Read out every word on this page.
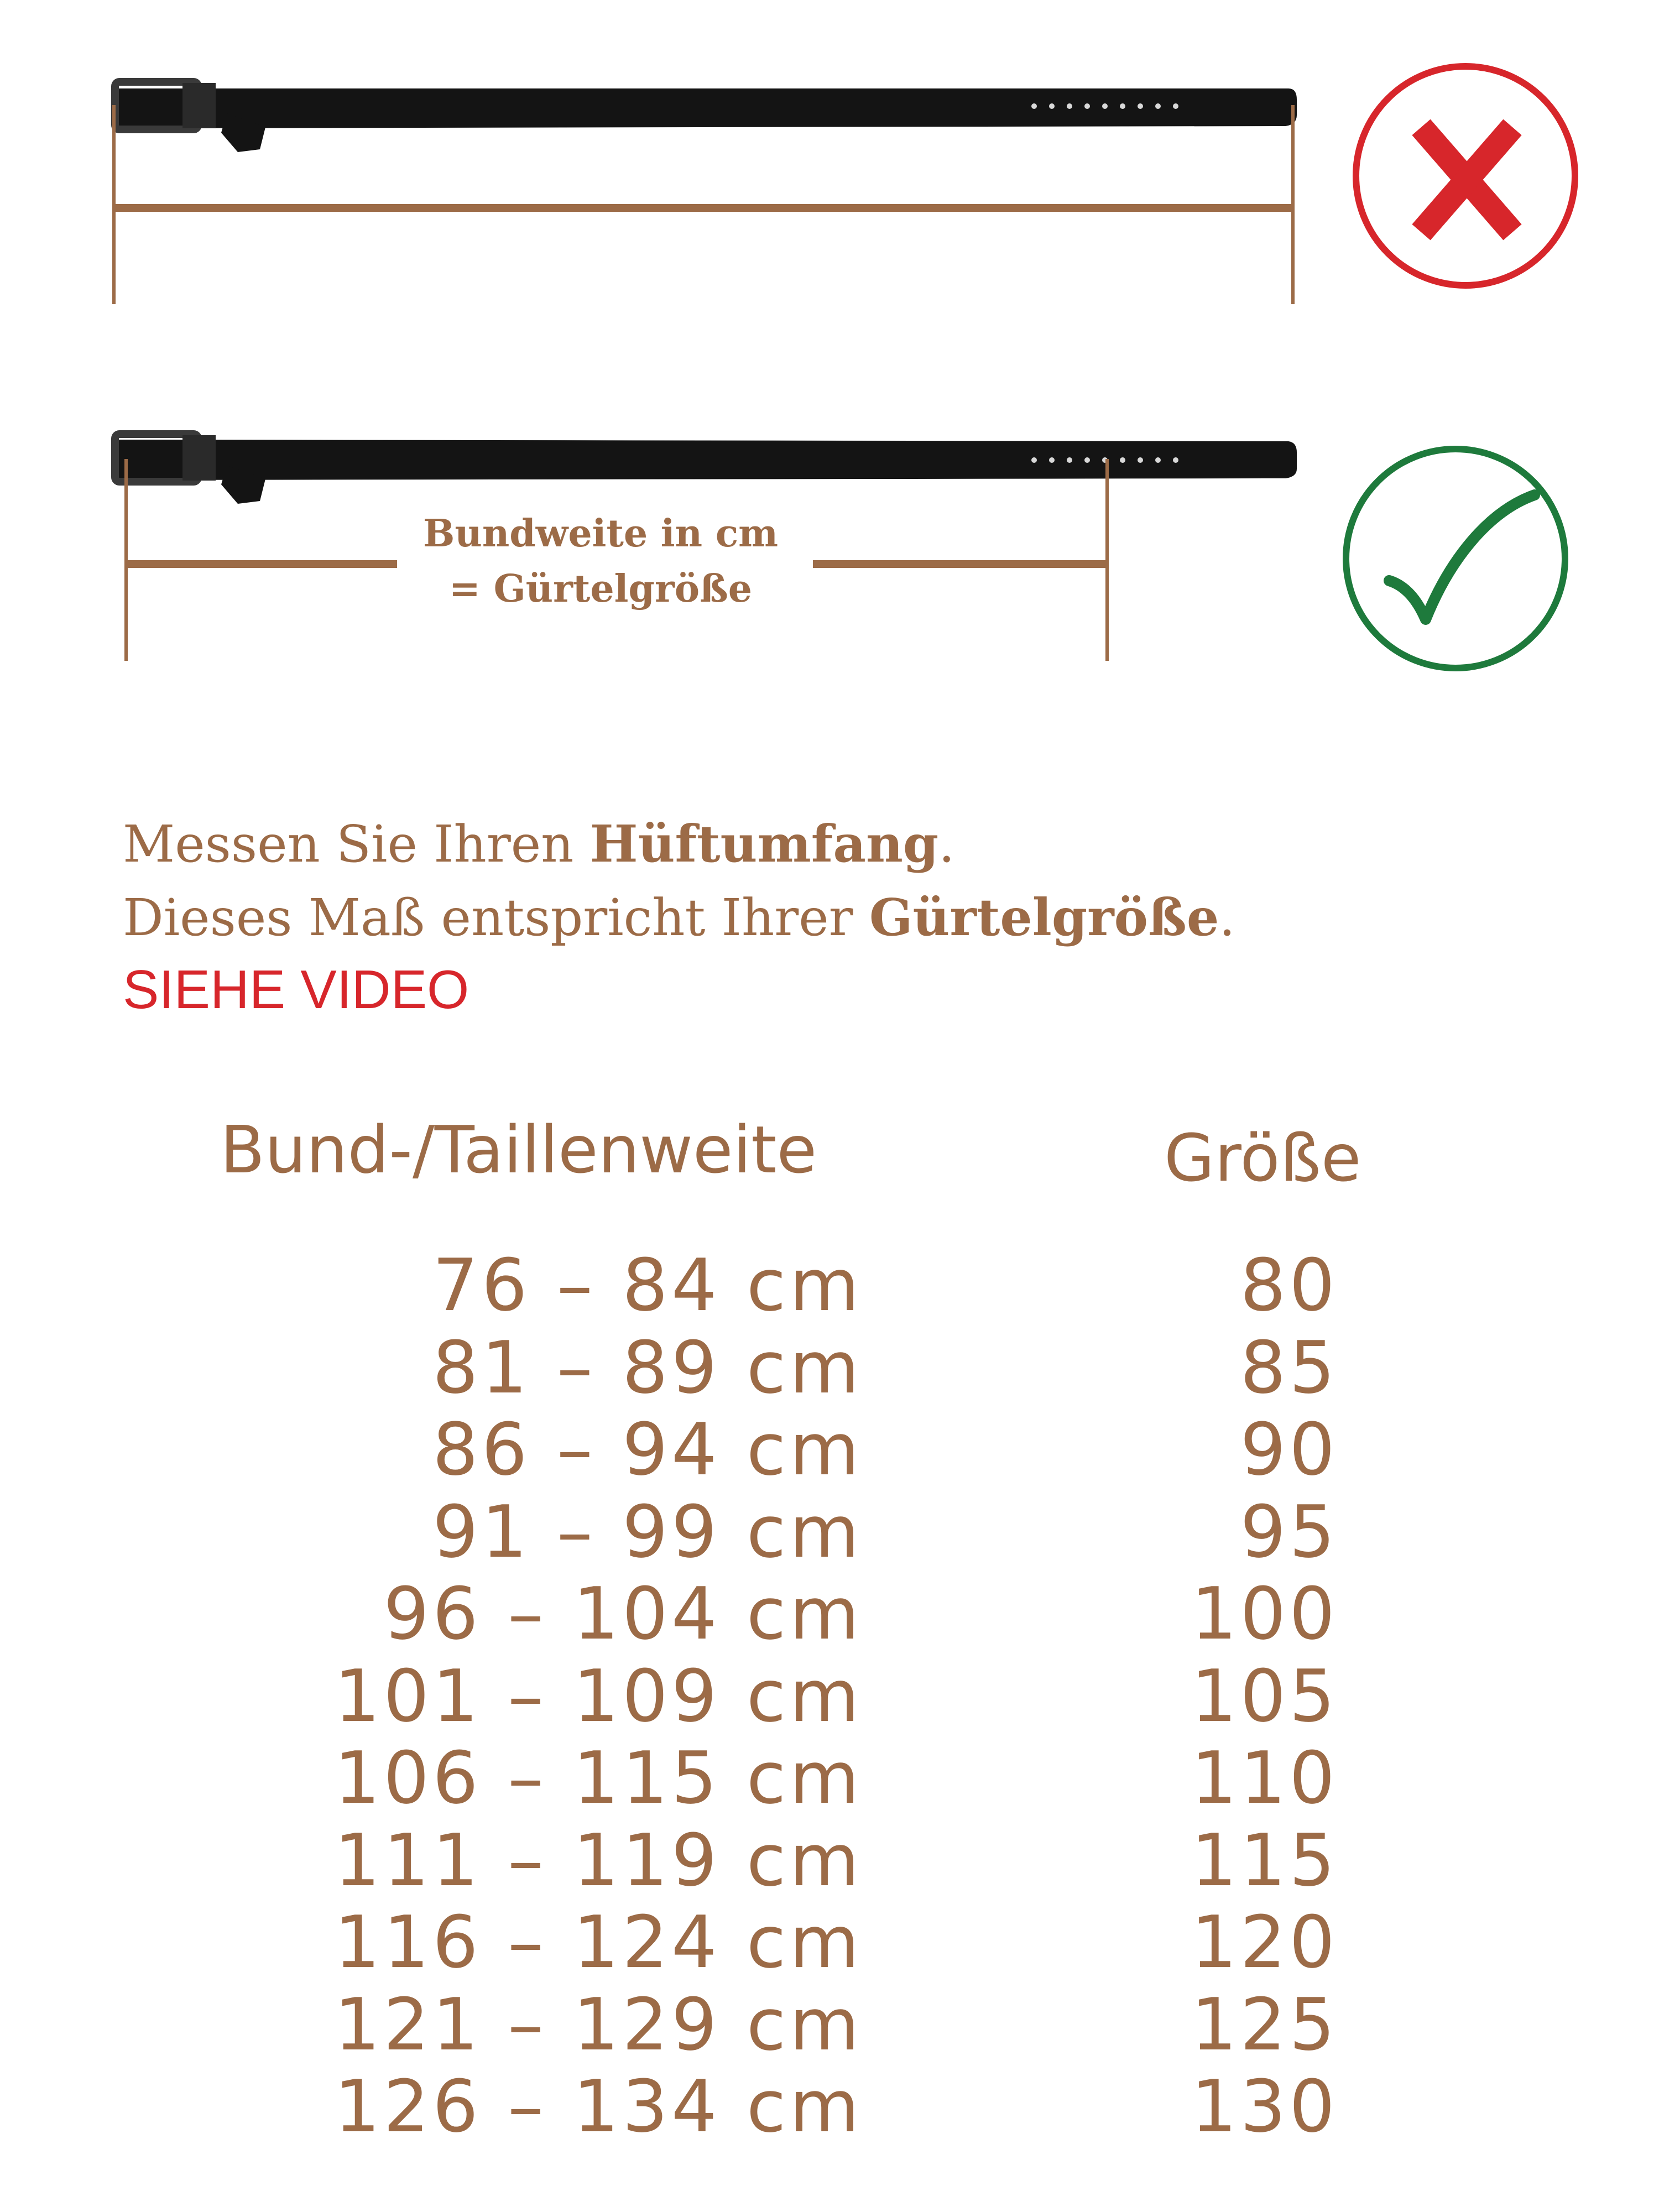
Bundweite in cm
= Gürtelgröße
Messen Sie Ihren Hüftumfang.
Dieses Maß entspricht Ihrer Gürtelgröße.
SIEHE VIDEO
Bund-/Taillenweite	Größe
76 – 84 cm	80
81 – 89 cm	85
86 – 94 cm	90
91 – 99 cm	95
96 – 104 cm	100
101 – 109 cm	105
106 – 115 cm	110
111 – 119 cm	115
116 – 124 cm	120
121 – 129 cm	125
126 – 134 cm	130
